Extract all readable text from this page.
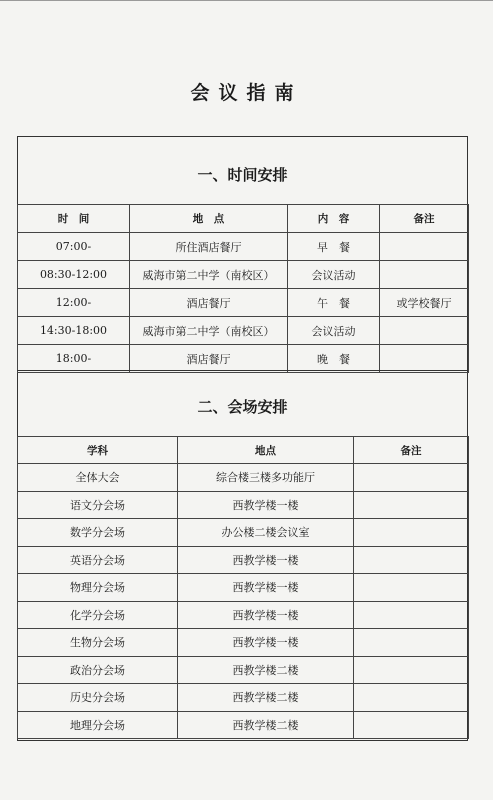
会议指南
一、时间安排
时　间	地　点	内　容	备注
07:00-	所住酒店餐厅	早　餐	
08:30-12:00	威海市第二中学（南校区）	会议活动	
12:00-	酒店餐厅	午　餐	或学校餐厅
14:30-18:00	威海市第二中学（南校区）	会议活动	
18:00-	酒店餐厅	晚　餐	
二、会场安排
学科	地点	备注
全体大会	综合楼三楼多功能厅	
语文分会场	西教学楼一楼	
数学分会场	办公楼二楼会议室	
英语分会场	西教学楼一楼	
物理分会场	西教学楼一楼	
化学分会场	西教学楼一楼	
生物分会场	西教学楼一楼	
政治分会场	西教学楼二楼	
历史分会场	西教学楼二楼	
地理分会场	西教学楼二楼	
